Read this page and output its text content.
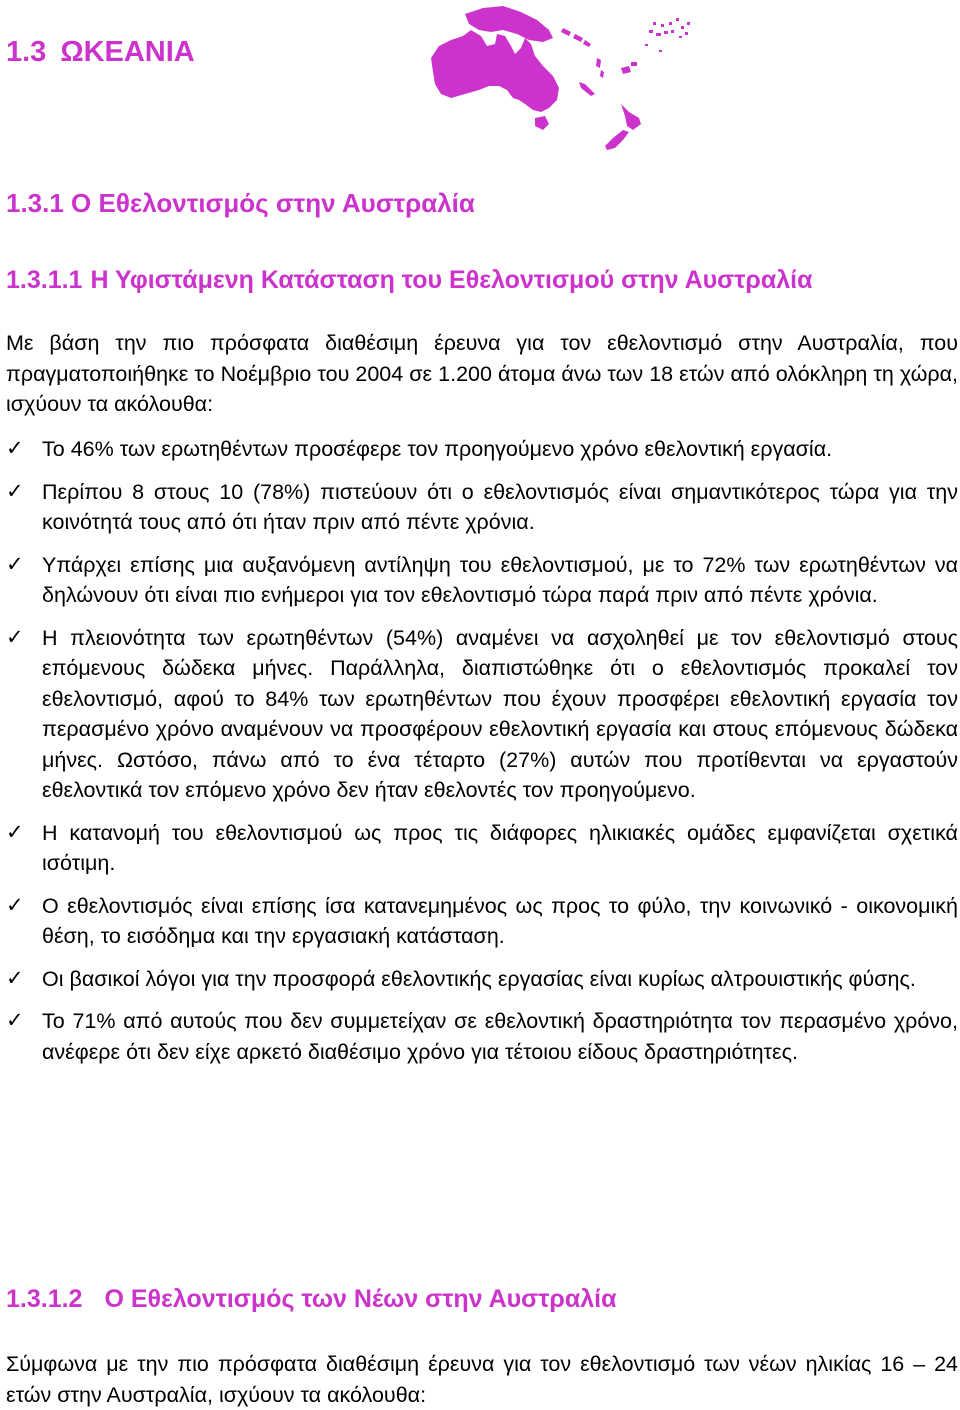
1.3 ΩΚΕΑΝΙΑ
1.3.1 Ο Εθελοντισμός στην Αυστραλία
1.3.1.1 Η Υφιστάμενη Κατάσταση του Εθελοντισμού στην Αυστραλία

Με βάση την πιο πρόσφατα διαθέσιμη έρευνα για τον εθελοντισμό στην Αυστραλία, που πραγματοποιήθηκε το Νοέμβριο του 2004 σε 1.200 άτομα άνω των 18 ετών από ολόκληρη τη χώρα, ισχύουν τα ακόλουθα:

✓ Το 46% των ερωτηθέντων προσέφερε τον προηγούμενο χρόνο εθελοντική εργασία.
✓ Περίπου 8 στους 10 (78%) πιστεύουν ότι ο εθελοντισμός είναι σημαντικότερος τώρα για την κοινότητά τους από ότι ήταν πριν από πέντε χρόνια.
✓ Υπάρχει επίσης μια αυξανόμενη αντίληψη του εθελοντισμού, με το 72% των ερωτηθέντων να δηλώνουν ότι είναι πιο ενήμεροι για τον εθελοντισμό τώρα παρά πριν από πέντε χρόνια.
✓ Η πλειονότητα των ερωτηθέντων (54%) αναμένει να ασχοληθεί με τον εθελοντισμό στους επόμενους δώδεκα μήνες. Παράλληλα, διαπιστώθηκε ότι ο εθελοντισμός προκαλεί τον εθελοντισμό, αφού το 84% των ερωτηθέντων που έχουν προσφέρει εθελοντική εργασία τον περασμένο χρόνο αναμένουν να προσφέρουν εθελοντική εργασία και στους επόμενους δώδεκα μήνες. Ωστόσο, πάνω από το ένα τέταρτο (27%) αυτών που προτίθενται να εργαστούν εθελοντικά τον επόμενο χρόνο δεν ήταν εθελοντές τον προηγούμενο.
✓ Η κατανομή του εθελοντισμού ως προς τις διάφορες ηλικιακές ομάδες εμφανίζεται σχετικά ισότιμη.
✓ Ο εθελοντισμός είναι επίσης ίσα κατανεμημένος ως προς το φύλο, την κοινωνικό - οικονομική θέση, το εισόδημα και την εργασιακή κατάσταση.
✓ Οι βασικοί λόγοι για την προσφορά εθελοντικής εργασίας είναι κυρίως αλτρουιστικής φύσης.
✓ Το 71% από αυτούς που δεν συμμετείχαν σε εθελοντική δραστηριότητα τον περασμένο χρόνο, ανέφερε ότι δεν είχε αρκετό διαθέσιμο χρόνο για τέτοιου είδους δραστηριότητες.
1.3.1.2 Ο Εθελοντισμός των Νέων στην Αυστραλία

Σύμφωνα με την πιο πρόσφατα διαθέσιμη έρευνα για τον εθελοντισμό των νέων ηλικίας 16 – 24 ετών στην Αυστραλία, ισχύουν τα ακόλουθα:
